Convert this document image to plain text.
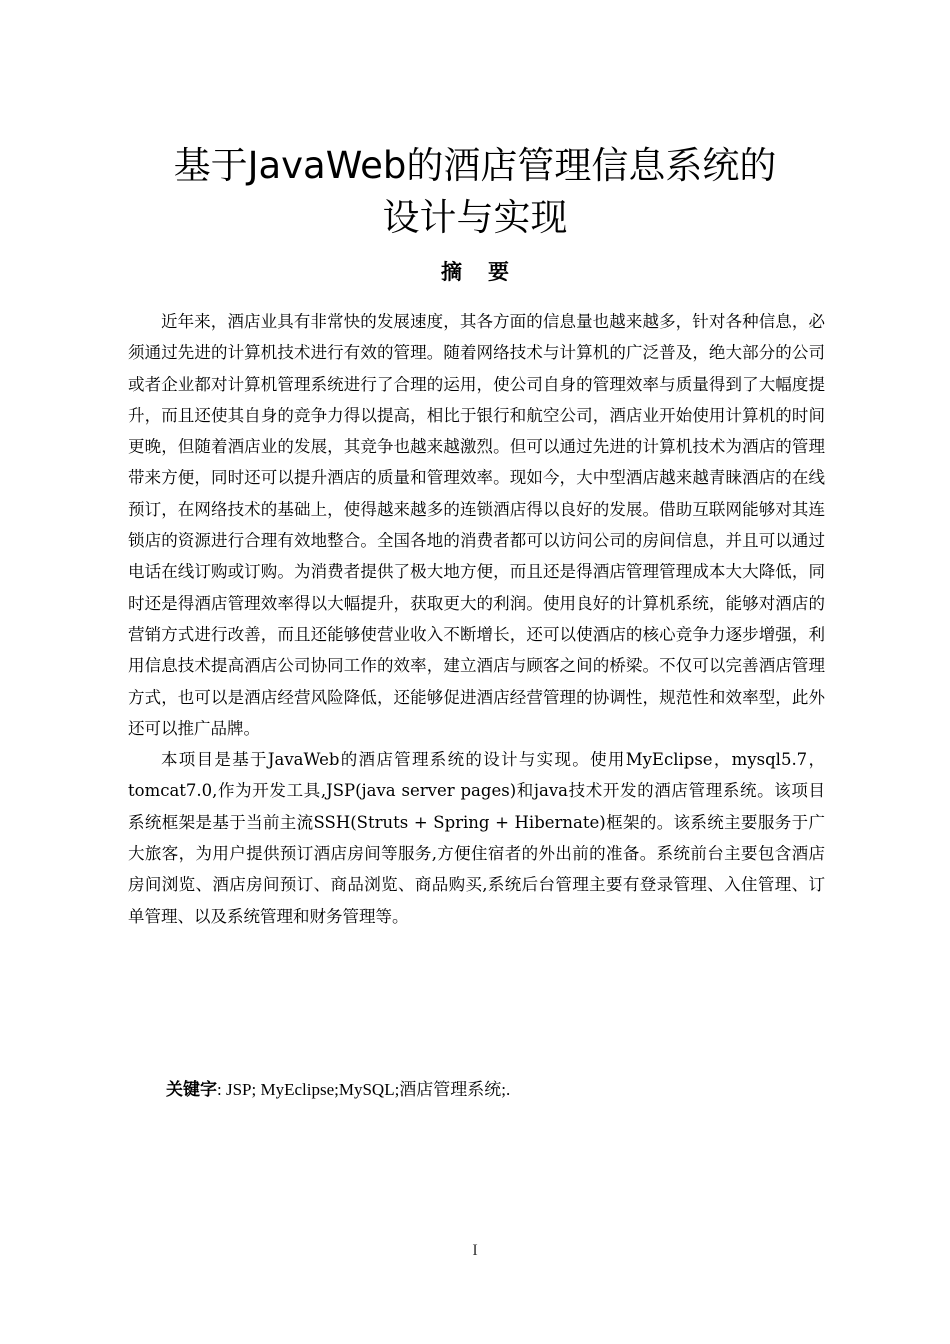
基于JavaWeb的酒店管理信息系统的
设计与实现
摘要

近年来，酒店业具有非常快的发展速度，其各方面的信息量也越来越多，针对各种信息，必须通过先进的计算机技术进行有效的管理。随着网络技术与计算机的广泛普及，绝大部分的公司或者企业都对计算机管理系统进行了合理的运用，使公司自身的管理效率与质量得到了大幅度提升，而且还使其自身的竞争力得以提高，相比于银行和航空公司，酒店业开始使用计算机的时间更晚，但随着酒店业的发展，其竞争也越来越激烈。但可以通过先进的计算机技术为酒店的管理带来方便，同时还可以提升酒店的质量和管理效率。现如今，大中型酒店越来越青睐酒店的在线预订，在网络技术的基础上，使得越来越多的连锁酒店得以良好的发展。借助互联网能够对其连锁店的资源进行合理有效地整合。全国各地的消费者都可以访问公司的房间信息，并且可以通过电话在线订购或订购。为消费者提供了极大地方便，而且还是得酒店管理管理成本大大降低，同时还是得酒店管理效率得以大幅提升，获取更大的利润。使用良好的计算机系统，能够对酒店的营销方式进行改善，而且还能够使营业收入不断增长，还可以使酒店的核心竞争力逐步增强，利用信息技术提高酒店公司协同工作的效率，建立酒店与顾客之间的桥梁。不仅可以完善酒店管理方式，也可以是酒店经营风险降低，还能够促进酒店经营管理的协调性，规范性和效率型，此外还可以推广品牌。

本项目是基于JavaWeb的酒店管理系统的设计与实现。使用MyEclipse，mysql5.7，tomcat7.0,作为开发工具,JSP(java server pages)和java技术开发的酒店管理系统。该项目系统框架是基于当前主流SSH(Struts + Spring + Hibernate)框架的。该系统主要服务于广大旅客，为用户提供预订酒店房间等服务,方便住宿者的外出前的准备。系统前台主要包含酒店房间浏览、酒店房间预订、商品浏览、商品购买,系统后台管理主要有登录管理、入住管理、订单管理、以及系统管理和财务管理等。

关键字: JSP; MyEclipse;MySQL;酒店管理系统;.
I
